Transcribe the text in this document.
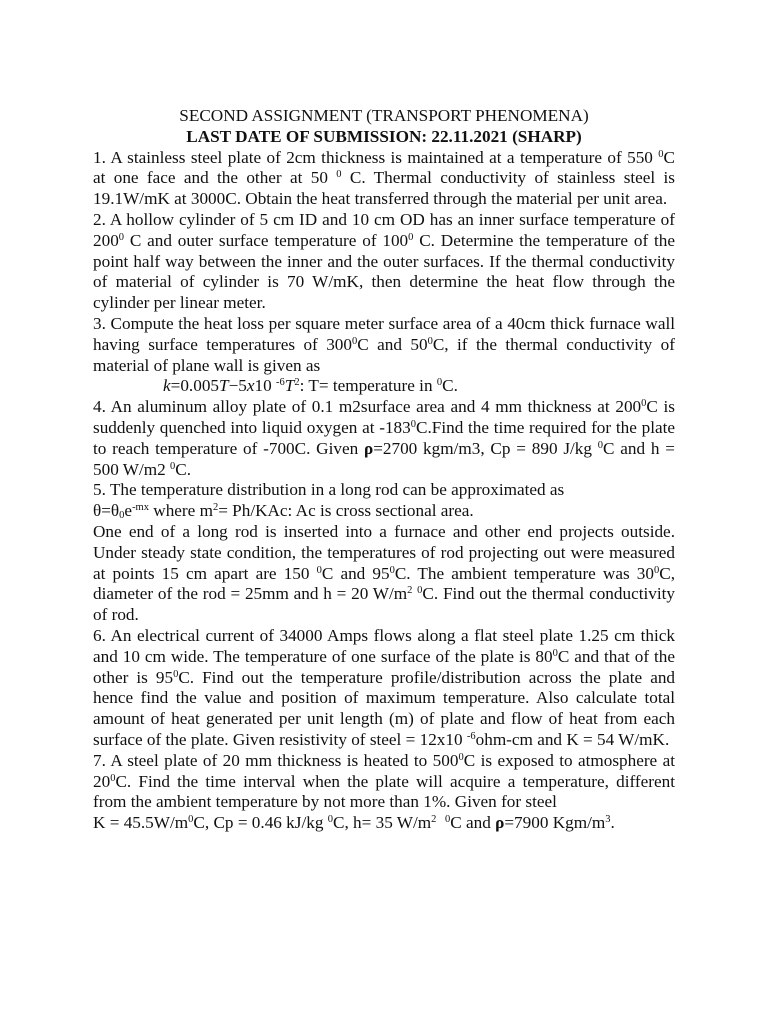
SECOND ASSIGNMENT (TRANSPORT PHENOMENA)

LAST DATE OF SUBMISSION: 22.11.2021 (SHARP)

1. A stainless steel plate of 2cm thickness is maintained at a temperature of 550 $^0$C at one face and the other at 50 $^0$ C. Thermal conductivity of stainless steel is 19.1W/mK at 3000C. Obtain the heat transferred through the material per unit area.

2. A hollow cylinder of 5 cm ID and 10 cm OD has an inner surface temperature of $200^0$ C and outer surface temperature of $100^0$ C. Determine the temperature of the point half way between the inner and the outer surfaces. If the thermal conductivity of material of cylinder is 70 W/mK, then determine the heat flow through the cylinder per linear meter.

3. Compute the heat loss per square meter surface area of a 40cm thick furnace wall having surface temperatures of $300^0C$ and $50^0C$, if the thermal conductivity of material of plane wall is given as

k=0.005T−5x10 $^{-6}T^2$: T= temperature in $^0$C.

4. An aluminum alloy plate of 0.1 m2surface area and 4 mm thickness at $200^0C$ is suddenly quenched into liquid oxygen at $-183^0C.Find$ the time required for the plate to reach temperature of -700C. Given ρ=2700 kgm/m3, Cp = 890 J/kg $^0$C and h = 500 W/m2 $^0$C.

5. The temperature distribution in a long rod can be approximated as

$\theta=\theta_0e^{-mx}$ where $m^2= Ph/KAc$: Ac is cross sectional area.

One end of a long rod is inserted into a furnace and other end projects outside. Under steady state condition, the temperatures of rod projecting out were measured at points 15 cm apart are 150 $^0$C and $95^0C$. The ambient temperature was $30^0C$, diameter of the rod = 25mm and h = 20 $W/m^2$ $^0$C. Find out the thermal conductivity of rod.

6. An electrical current of 34000 Amps flows along a flat steel plate 1.25 cm thick and 10 cm wide. The temperature of one surface of the plate is $80^0C$ and that of the other is $95^0C$. Find out the temperature profile/distribution across the plate and hence find the value and position of maximum temperature. Also calculate total amount of heat generated per unit length (m) of plate and flow of heat from each surface of the plate. Given resistivity of steel = 12x10 $^{-6}$ohm-cm and K = 54 W/mK.

7. A steel plate of 20 mm thickness is heated to $500^0C$ is exposed to atmosphere at $20^0C$. Find the time interval when the plate will acquire a temperature, different from the ambient temperature by not more than 1%. Given for steel

$K = 45.5W/m^0C$, Cp = 0.46 kJ/kg $^0$C, h= 35 $W/m^2$ $^0$C and ρ=7900 Kgm/$m^3$.
